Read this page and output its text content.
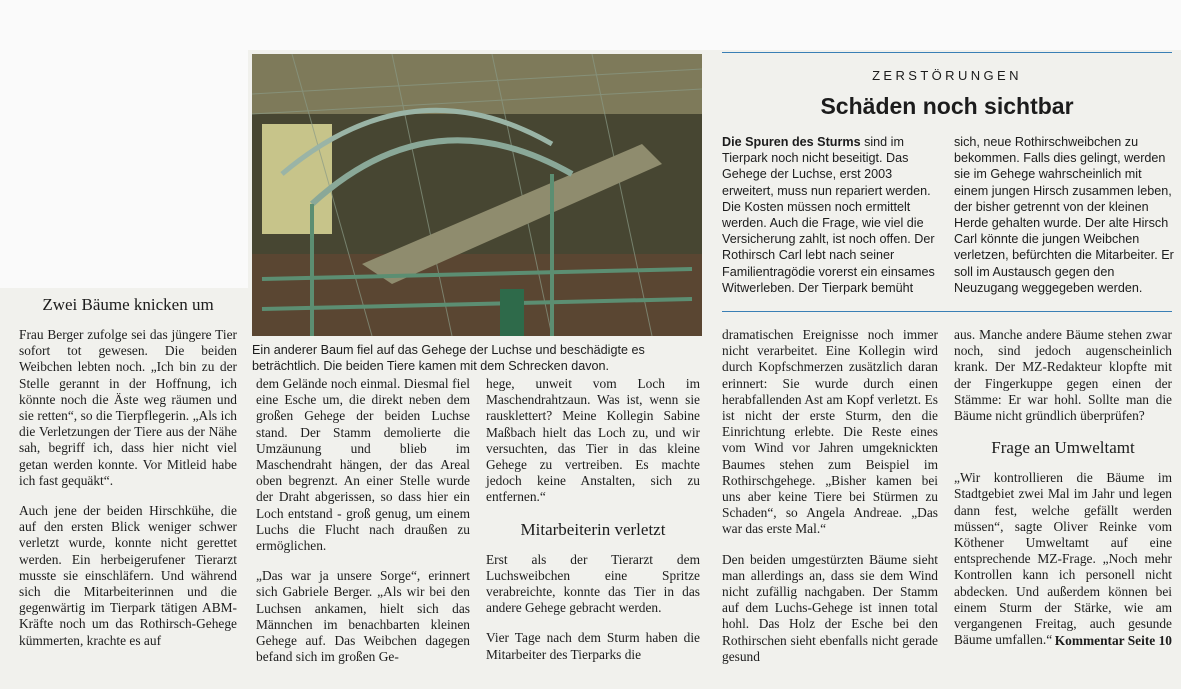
Zwei Bäume knicken um

Frau Berger zufolge sei das jüngere Tier sofort tot gewesen. Die beiden Weibchen lebten noch. „Ich bin zu der Stelle gerannt in der Hoffnung, ich könnte noch die Äste weg räumen und sie retten“, so die Tierpflegerin. „Als ich die Verletzungen der Tiere aus der Nähe sah, begriff ich, dass hier nicht viel getan werden konnte. Vor Mitleid habe ich fast gequäkt“.

Auch jene der beiden Hirschkühe, die auf den ersten Blick weniger schwer verletzt wurde, konnte nicht gerettet werden. Ein herbeigerufener Tierarzt musste sie einschläfern. Und während sich die Mitarbeiterinnen und die gegenwärtig im Tierpark tätigen ABM-Kräfte noch um das Rothirsch-Gehege kümmerten, krachte es auf

Ein anderer Baum fiel auf das Gehege der Luchse und beschädigte es beträchtlich. Die beiden Tiere kamen mit dem Schrecken davon.

dem Gelände noch einmal. Diesmal fiel eine Esche um, die direkt neben dem großen Gehege der beiden Luchse stand. Der Stamm demolierte die Umzäunung und blieb im Maschendraht hängen, der das Areal oben begrenzt. An einer Stelle wurde der Draht abgerissen, so dass hier ein Loch entstand - groß genug, um einem Luchs die Flucht nach draußen zu ermöglichen.

„Das war ja unsere Sorge“, erinnert sich Gabriele Berger. „Als wir bei den Luchsen ankamen, hielt sich das Männchen im benachbarten kleinen Gehege auf. Das Weibchen dagegen befand sich im großen Ge-

hege, unweit vom Loch im Maschendrahtzaun. Was ist, wenn sie rausklettert? Meine Kollegin Sabine Maßbach hielt das Loch zu, und wir versuchten, das Tier in das kleine Gehege zu vertreiben. Es machte jedoch keine Anstalten, sich zu entfernen.“

Mitarbeiterin verletzt

Erst als der Tierarzt dem Luchsweibchen eine Spritze verabreichte, konnte das Tier in das andere Gehege gebracht werden.

Vier Tage nach dem Sturm haben die Mitarbeiter des Tierparks die

ZERSTÖRUNGEN
Schäden noch sichtbar
Die Spuren des Sturms sind im Tierpark noch nicht beseitigt. Das Gehege der Luchse, erst 2003 erweitert, muss nun repariert werden. Die Kosten müssen noch ermittelt werden. Auch die Frage, wie viel die Versicherung zahlt, ist noch offen. Der Rothirsch Carl lebt nach seiner Familientragödie vorerst ein einsames Witwerleben. Der Tierpark bemüht
sich, neue Rothirschweibchen zu bekommen. Falls dies gelingt, werden sie im Gehege wahrscheinlich mit einem jungen Hirsch zusammen leben, der bisher getrennt von der kleinen Herde gehalten wurde. Der alte Hirsch Carl könnte die jungen Weibchen verletzen, befürchten die Mitarbeiter. Er soll im Austausch gegen den Neuzugang weggegeben werden.

dramatischen Ereignisse noch immer nicht verarbeitet. Eine Kollegin wird durch Kopfschmerzen zusätzlich daran erinnert: Sie wurde durch einen herabfallenden Ast am Kopf verletzt. Es ist nicht der erste Sturm, den die Einrichtung erlebte. Die Reste eines vom Wind vor Jahren umgeknickten Baumes stehen zum Beispiel im Rothirschgehege. „Bisher kamen bei uns aber keine Tiere bei Stürmen zu Schaden“, so Angela Andreae. „Das war das erste Mal.“

Den beiden umgestürzten Bäume sieht man allerdings an, dass sie dem Wind nicht zufällig nachgaben. Der Stamm auf dem Luchs-Gehege ist innen total hohl. Das Holz der Esche bei den Rothirschen sieht ebenfalls nicht gerade gesund

aus. Manche andere Bäume stehen zwar noch, sind jedoch augenscheinlich krank. Der MZ-Redakteur klopfte mit der Fingerkuppe gegen einen der Stämme: Er war hohl. Sollte man die Bäume nicht gründlich überprüfen?

Frage an Umweltamt

„Wir kontrollieren die Bäume im Stadtgebiet zwei Mal im Jahr und legen dann fest, welche gefällt werden müssen“, sagte Oliver Reinke vom Köthener Umweltamt auf eine entsprechende MZ-Frage. „Noch mehr Kontrollen kann ich personell nicht abdecken. Und außerdem können bei einem Sturm der Stärke, wie am vergangenen Freitag, auch gesunde Bäume umfallen.“ Kommentar Seite 10
